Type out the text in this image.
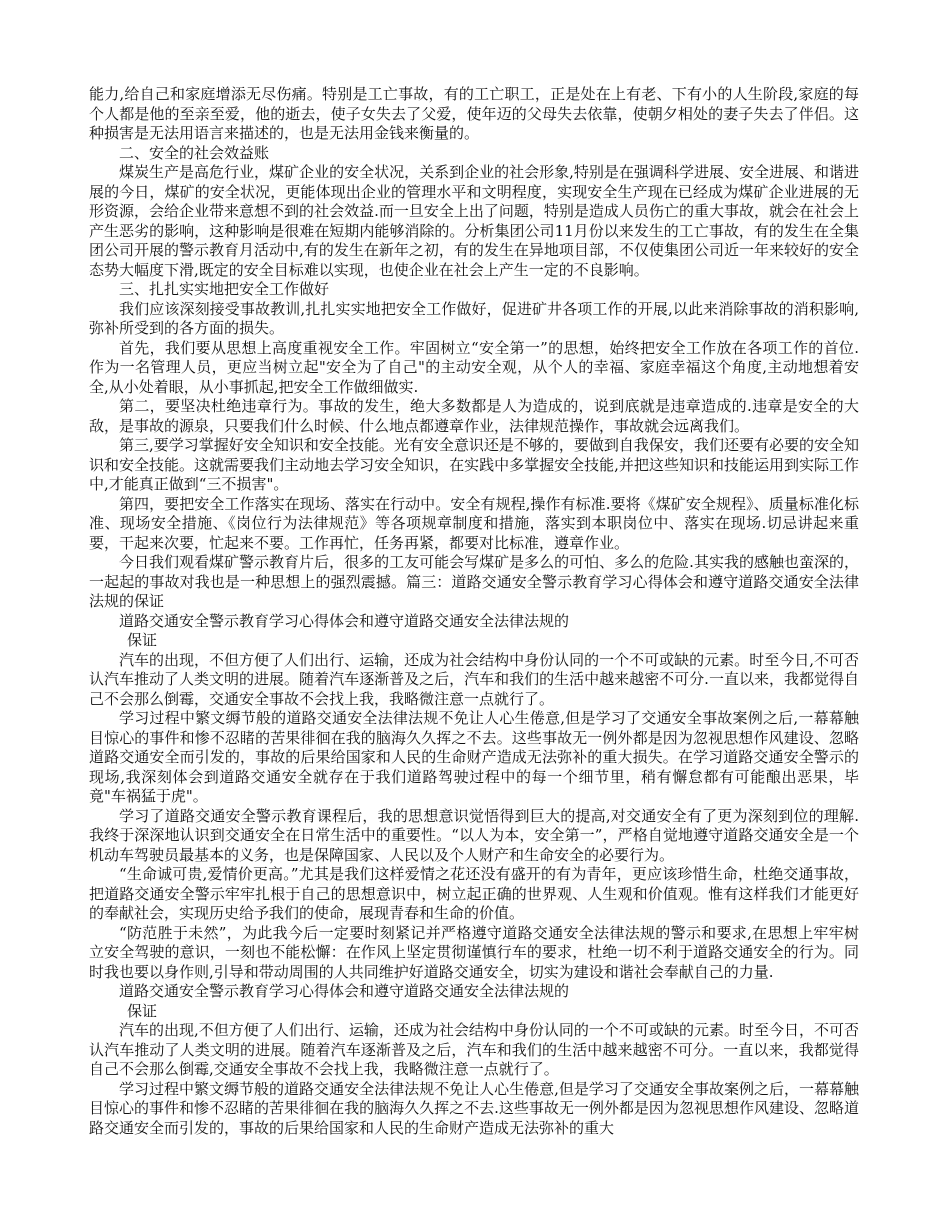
能力,给自己和家庭增添无尽伤痛。特别是工亡事故，有的工亡职工，正是处在上有老、下有小的人生阶段,家庭的每个人都是他的至亲至爱，他的逝去，使子女失去了父爱，使年迈的父母失去依靠，使朝夕相处的妻子失去了伴侣。这种损害是无法用语言来描述的，也是无法用金钱来衡量的。

二、安全的社会效益账

煤炭生产是高危行业，煤矿企业的安全状况，关系到企业的社会形象,特别是在强调科学进展、安全进展、和谐进展的今日，煤矿的安全状况，更能体现出企业的管理水平和文明程度，实现安全生产现在已经成为煤矿企业进展的无形资源，会给企业带来意想不到的社会效益.而一旦安全上出了问题，特别是造成人员伤亡的重大事故，就会在社会上产生恶劣的影响，这种影响是很难在短期内能够消除的。分析集团公司11月份以来发生的工亡事故，有的发生在全集团公司开展的警示教育月活动中,有的发生在新年之初，有的发生在异地项目部，不仅使集团公司近一年来较好的安全态势大幅度下滑,既定的安全目标难以实现，也使企业在社会上产生一定的不良影响。

三、扎扎实实地把安全工作做好

我们应该深刻接受事故教训,扎扎实实地把安全工作做好，促进矿井各项工作的开展,以此来消除事故的消积影响,弥补所受到的各方面的损失。

首先，我们要从思想上高度重视安全工作。牢固树立“安全第一”的思想，始终把安全工作放在各项工作的首位.作为一名管理人员，更应当树立起"安全为了自己"的主动安全观，从个人的幸福、家庭幸福这个角度,主动地想着安全,从小处着眼，从小事抓起,把安全工作做细做实.

第二，要坚决杜绝违章行为。事故的发生，绝大多数都是人为造成的，说到底就是违章造成的.违章是安全的大敌，是事故的源泉，只要我们什么时候、什么地点都遵章作业，法律规范操作，事故就会远离我们。

第三,要学习掌握好安全知识和安全技能。光有安全意识还是不够的，要做到自我保安，我们还要有必要的安全知识和安全技能。这就需要我们主动地去学习安全知识，在实践中多掌握安全技能,并把这些知识和技能运用到实际工作中,才能真正做到“三不损害"。

第四，要把安全工作落实在现场、落实在行动中。安全有规程,操作有标准.要将《煤矿安全规程》、质量标准化标准、现场安全措施、《岗位行为法律规范》等各项规章制度和措施，落实到本职岗位中、落实在现场.切忌讲起来重要，干起来次要，忙起来不要。工作再忙，任务再紧，都要对比标准，遵章作业。

今日我们观看煤矿警示教育片后，很多的工友可能会写煤矿是多么的可怕、多么的危险.其实我的感触也蛮深的，一起起的事故对我也是一种思想上的强烈震撼。篇三：道路交通安全警示教育学习心得体会和遵守道路交通安全法律法规的保证

道路交通安全警示教育学习心得体会和遵守道路交通安全法律法规的

保证

汽车的出现，不但方便了人们出行、运输，还成为社会结构中身份认同的一个不可或缺的元素。时至今日,不可否认汽车推动了人类文明的进展。随着汽车逐渐普及之后，汽车和我们的生活中越来越密不可分.一直以来，我都觉得自己不会那么倒霉，交通安全事故不会找上我，我略微注意一点就行了。

学习过程中繁文缛节般的道路交通安全法律法规不免让人心生倦意,但是学习了交通安全事故案例之后,一幕幕触目惊心的事件和惨不忍睹的苦果徘徊在我的脑海久久挥之不去。这些事故无一例外都是因为忽视思想作风建设、忽略道路交通安全而引发的，事故的后果给国家和人民的生命财产造成无法弥补的重大损失。在学习道路交通安全警示的现场,我深刻体会到道路交通安全就存在于我们道路驾驶过程中的每一个细节里，稍有懈怠都有可能酿出恶果，毕竟"车祸猛于虎"。

学习了道路交通安全警示教育课程后，我的思想意识觉悟得到巨大的提高,对交通安全有了更为深刻到位的理解.我终于深深地认识到交通安全在日常生活中的重要性。“以人为本，安全第一”，严格自觉地遵守道路交通安全是一个机动车驾驶员最基本的义务，也是保障国家、人民以及个人财产和生命安全的必要行为。

“生命诚可贵,爱情价更高。”尤其是我们这样爱情之花还没有盛开的有为青年，更应该珍惜生命，杜绝交通事故，把道路交通安全警示牢牢扎根于自己的思想意识中，树立起正确的世界观、人生观和价值观。惟有这样我们才能更好的奉献社会，实现历史给予我们的使命，展现青春和生命的价值。

“防范胜于未然”，为此我今后一定要时刻紧记并严格遵守道路交通安全法律法规的警示和要求,在思想上牢牢树立安全驾驶的意识，一刻也不能松懈：在作风上坚定贯彻谨慎行车的要求，杜绝一切不利于道路交通安全的行为。同时我也要以身作则,引导和带动周围的人共同维护好道路交通安全，切实为建设和谐社会奉献自己的力量.

道路交通安全警示教育学习心得体会和遵守道路交通安全法律法规的

保证

汽车的出现,不但方便了人们出行、运输，还成为社会结构中身份认同的一个不可或缺的元素。时至今日，不可否认汽车推动了人类文明的进展。随着汽车逐渐普及之后，汽车和我们的生活中越来越密不可分。一直以来，我都觉得自己不会那么倒霉,交通安全事故不会找上我，我略微注意一点就行了。

学习过程中繁文缛节般的道路交通安全法律法规不免让人心生倦意,但是学习了交通安全事故案例之后，一幕幕触目惊心的事件和惨不忍睹的苦果徘徊在我的脑海久久挥之不去.这些事故无一例外都是因为忽视思想作风建设、忽略道路交通安全而引发的，事故的后果给国家和人民的生命财产造成无法弥补的重大
